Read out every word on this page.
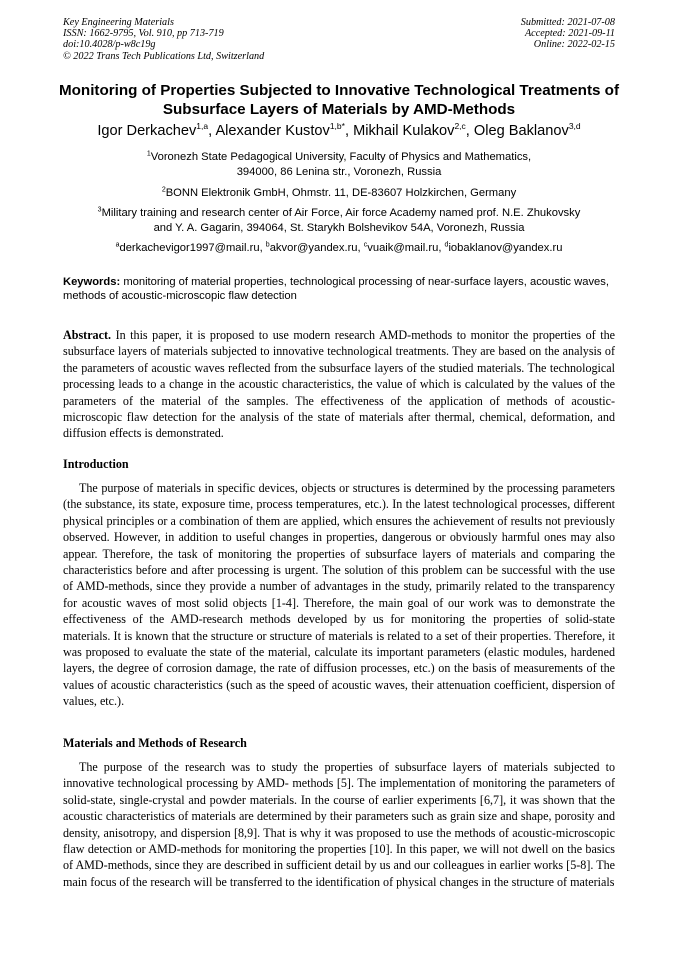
Key Engineering Materials
ISSN: 1662-9795, Vol. 910, pp 713-719
doi:10.4028/p-w8c19g
© 2022 Trans Tech Publications Ltd, Switzerland
Submitted: 2021-07-08
Accepted: 2021-09-11
Online: 2022-02-15
Monitoring of Properties Subjected to Innovative Technological Treatments of Subsurface Layers of Materials by AMD-Methods
Igor Derkachev$^{1,a}$, Alexander Kustov$^{1,b*}$, Mikhail Kulakov$^{2,c}$, Oleg Baklanov$^{3,d}$
$^1$Voronezh State Pedagogical University, Faculty of Physics and Mathematics,
394000, 86 Lenina str., Voronezh, Russia
$^2$BONN Elektronik GmbH, Ohmstr. 11, DE-83607 Holzkirchen, Germany
$^3$Military training and research center of Air Force, Air force Academy named prof. N.E. Zhukovsky
and Y. A. Gagarin, 394064, St. Starykh Bolshevikov 54A, Voronezh, Russia
$^a$derkachevigor1997@mail.ru, $^b$akvor@yandex.ru, $^c$vuaik@mail.ru, $^d$iobaklanov@yandex.ru
Keywords: monitoring of material properties, technological processing of near-surface layers, acoustic waves, methods of acoustic-microscopic flaw detection
Abstract. In this paper, it is proposed to use modern research AMD-methods to monitor the properties of the subsurface layers of materials subjected to innovative technological treatments. They are based on the analysis of the parameters of acoustic waves reflected from the subsurface layers of the studied materials. The technological processing leads to a change in the acoustic characteristics, the value of which is calculated by the values of the parameters of the material of the samples. The effectiveness of the application of methods of acoustic-microscopic flaw detection for the analysis of the state of materials after thermal, chemical, deformation, and diffusion effects is demonstrated.
Introduction
The purpose of materials in specific devices, objects or structures is determined by the processing parameters (the substance, its state, exposure time, process temperatures, etc.). In the latest technological processes, different physical principles or a combination of them are applied, which ensures the achievement of results not previously observed. However, in addition to useful changes in properties, dangerous or obviously harmful ones may also appear. Therefore, the task of monitoring the properties of subsurface layers of materials and comparing the characteristics before and after processing is urgent. The solution of this problem can be successful with the use of AMD-methods, since they provide a number of advantages in the study, primarily related to the transparency for acoustic waves of most solid objects [1-4]. Therefore, the main goal of our work was to demonstrate the effectiveness of the AMD-research methods developed by us for monitoring the properties of solid-state materials. It is known that the structure or structure of materials is related to a set of their properties. Therefore, it was proposed to evaluate the state of the material, calculate its important parameters (elastic modules, hardened layers, the degree of corrosion damage, the rate of diffusion processes, etc.) on the basis of measurements of the values of acoustic characteristics (such as the speed of acoustic waves, their attenuation coefficient, dispersion of values, etc.).
Materials and Methods of Research
The purpose of the research was to study the properties of subsurface layers of materials subjected to innovative technological processing by AMD- methods [5]. The implementation of monitoring the parameters of solid-state, single-crystal and powder materials. In the course of earlier experiments [6,7], it was shown that the acoustic characteristics of materials are determined by their parameters such as grain size and shape, porosity and density, anisotropy, and dispersion [8,9]. That is why it was proposed to use the methods of acoustic-microscopic flaw detection or AMD-methods for monitoring the properties [10]. In this paper, we will not dwell on the basics of AMD-methods, since they are described in sufficient detail by us and our colleagues in earlier works [5-8]. The main focus of the research will be transferred to the identification of physical changes in the structure of materials
